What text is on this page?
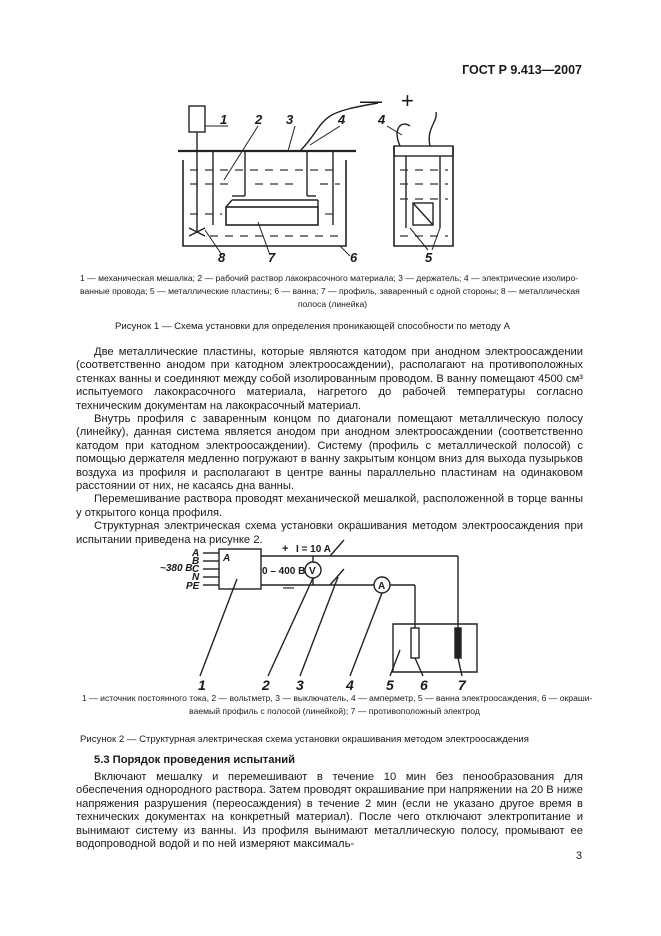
ГОСТ Р 9.413—2007
1 2 3	4	4
5
6
7
8
— +
1 — механическая мешалка; 2 — рабочий раствор лакокрасочного материала; 3 — держатель; 4 — электрические изолиро-
ванные провода; 5 — металлические пластины; 6 — ванна; 7 — профиль, заваренный с одной стороны; 8 — металлическая
полоса (линейка)
Рисунок 1 — Схема установки для определения проникающей способности по методу А

Две металлические пластины, которые являются катодом при анодном электроосаждении (соответственно анодом при катодном электроосаждении), располагают на противоположных стенках ванны и соединяют между собой изолированным проводом. В ванну помещают 4500 см³ испытуемого лакокрасочного материала, нагретого до рабочей температуры согласно техническим документам на лакокрасочный материал.

Внутрь профиля с заваренным концом по диагонали помещают металлическую полосу (линейку), данная система является анодом при анодном электроосаждении (соответственно катодом при катодном электроосаждении). Систему (профиль с металлической полосой) с помощью держателя медленно погружают в ванну закрытым концом вниз для выхода пузырьков воздуха из профиля и располагают в центре ванны параллельно пластинам на одинаковом расстоянии от них, не касаясь дна ванны.

Перемешивание раствора проводят механической мешалкой, расположенной в торце ванны у открытого конца профиля.

Структурная электрическая схема установки окрашивания методом электроосаждения при испытании приведена на рисунке 2.

~380 В
A
B
C
N
PE
A
+
—
I = 10 A
0 – 400 В V
A
1	2 3	4 5 6 7
1 — источник постоянного тока, 2 — вольтметр, 3 — выключатель, 4 — амперметр, 5 — ванна электроосаждения, 6 — окраши-
ваемый профиль с полосой (линейкой); 7 — противоположный электрод
Рисунок 2 — Структурная электрическая схема установки окрашивания методом электроосаждения
5.3 Порядок проведения испытаний

Включают мешалку и перемешивают в течение 10 мин без пенообразования для обеспечения однородного раствора. Затем проводят окрашивание при напряжении на 20 В ниже напряжения разрушения (переосаждения) в течение 2 мин (если не указано другое время в технических документах на конкретный материал). После чего отключают электропитание и вынимают систему из ванны. Из профиля вынимают металлическую полосу, промывают ее водопроводной водой и по ней измеряют максималь-

3
